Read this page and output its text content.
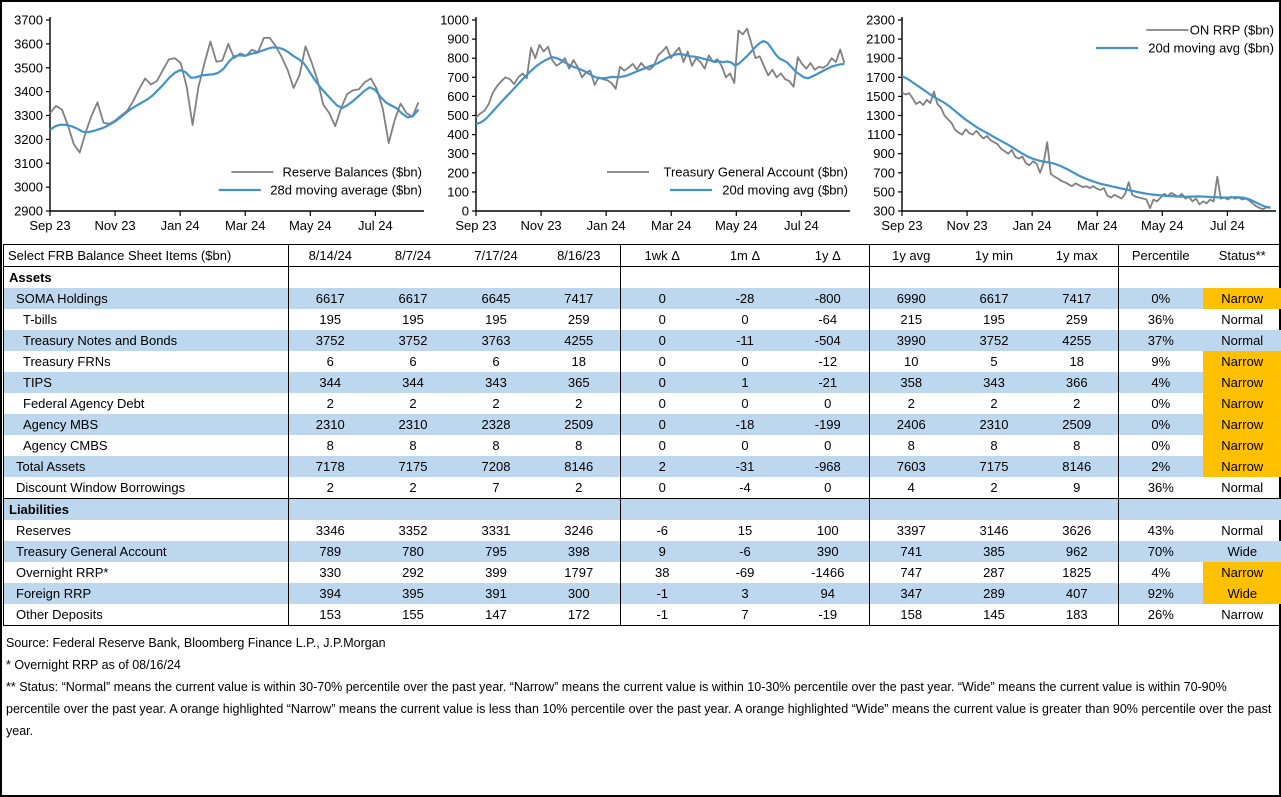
2900
3000
3100
3200
3300
3400
3500
3600
3700
Sep 23 Nov 23 Jan 24 Mar 24 May 24 Jul 24
Reserve Balances ($bn)
28d moving average ($bn)
0
100
200
300
400
500
600
700
800
900
1000
Sep 23 Nov 23 Jan 24 Mar 24 May 24 Jul 24
Treasury General Account ($bn)
20d moving avg ($bn)
300
500
700
900
1100
1300
1500
1700
1900
2100
2300
Sep 23 Nov 23 Jan 24 Mar 24 May 24 Jul 24
ON RRP ($bn)
20d moving avg ($bn)
Select FRB Balance Sheet Items ($bn)	8/14/24	8/7/24	7/17/24	8/16/23	1wk Δ	1m Δ	1y Δ	1y avg	1y min	1y max	Percentile	Status**
Assets												
SOMA Holdings	6617	6617	6645	7417	0	-28	-800	6990	6617	7417	0%	Narrow
T-bills	195	195	195	259	0	0	-64	215	195	259	36%	Normal
Treasury Notes and Bonds	3752	3752	3763	4255	0	-11	-504	3990	3752	4255	37%	Normal
Treasury FRNs	6	6	6	18	0	0	-12	10	5	18	9%	Narrow
TIPS	344	344	343	365	0	1	-21	358	343	366	4%	Narrow
Federal Agency Debt	2	2	2	2	0	0	0	2	2	2	0%	Narrow
Agency MBS	2310	2310	2328	2509	0	-18	-199	2406	2310	2509	0%	Narrow
Agency CMBS	8	8	8	8	0	0	0	8	8	8	0%	Narrow
Total Assets	7178	7175	7208	8146	2	-31	-968	7603	7175	8146	2%	Narrow
Discount Window Borrowings	2	2	7	2	0	-4	0	4	2	9	36%	Normal
Liabilities												
Reserves	3346	3352	3331	3246	-6	15	100	3397	3146	3626	43%	Normal
Treasury General Account	789	780	795	398	9	-6	390	741	385	962	70%	Wide
Overnight RRP*	330	292	399	1797	38	-69	-1466	747	287	1825	4%	Narrow
Foreign RRP	394	395	391	300	-1	3	94	347	289	407	92%	Wide
Other Deposits	153	155	147	172	-1	7	-19	158	145	183	26%	Narrow
Source: Federal Reserve Bank, Bloomberg Finance L.P., J.P.Morgan
* Overnight RRP as of 08/16/24
** Status: “Normal” means the current value is within 30-70% percentile over the past year. “Narrow” means the current value is within 10-30% percentile over the past year. “Wide” means the current value is within 70-90% percentile over the past year. A orange highlighted “Narrow” means the current value is less than 10% percentile over the past year. A orange highlighted “Wide” means the current value is greater than 90% percentile over the past year.
